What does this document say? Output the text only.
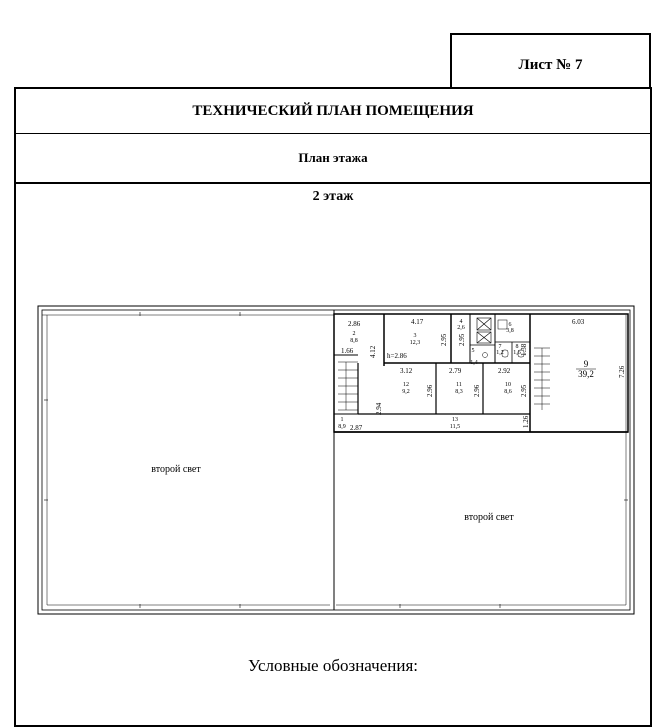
Лист № 7
ТЕХНИЧЕСКИЙ ПЛАН ПОМЕЩЕНИЯ
План этажа
2 этаж
второй свет
второй свет
2.86	4.17	6.03
1.66 4.12 h=2.86
2.95 2.95
1.38
7.26
3.12	2.79	2.92
2.96	2.96	2.95
2.94
2.87	1.26
1
8,9
2
8,8
3
12,3
4
2,6
5
1,4
6
3,8
7
1,2
8
1,6
9
39,2
10
8,6
11
8,3
12
9,2
13
11,5
Условные обозначения:
